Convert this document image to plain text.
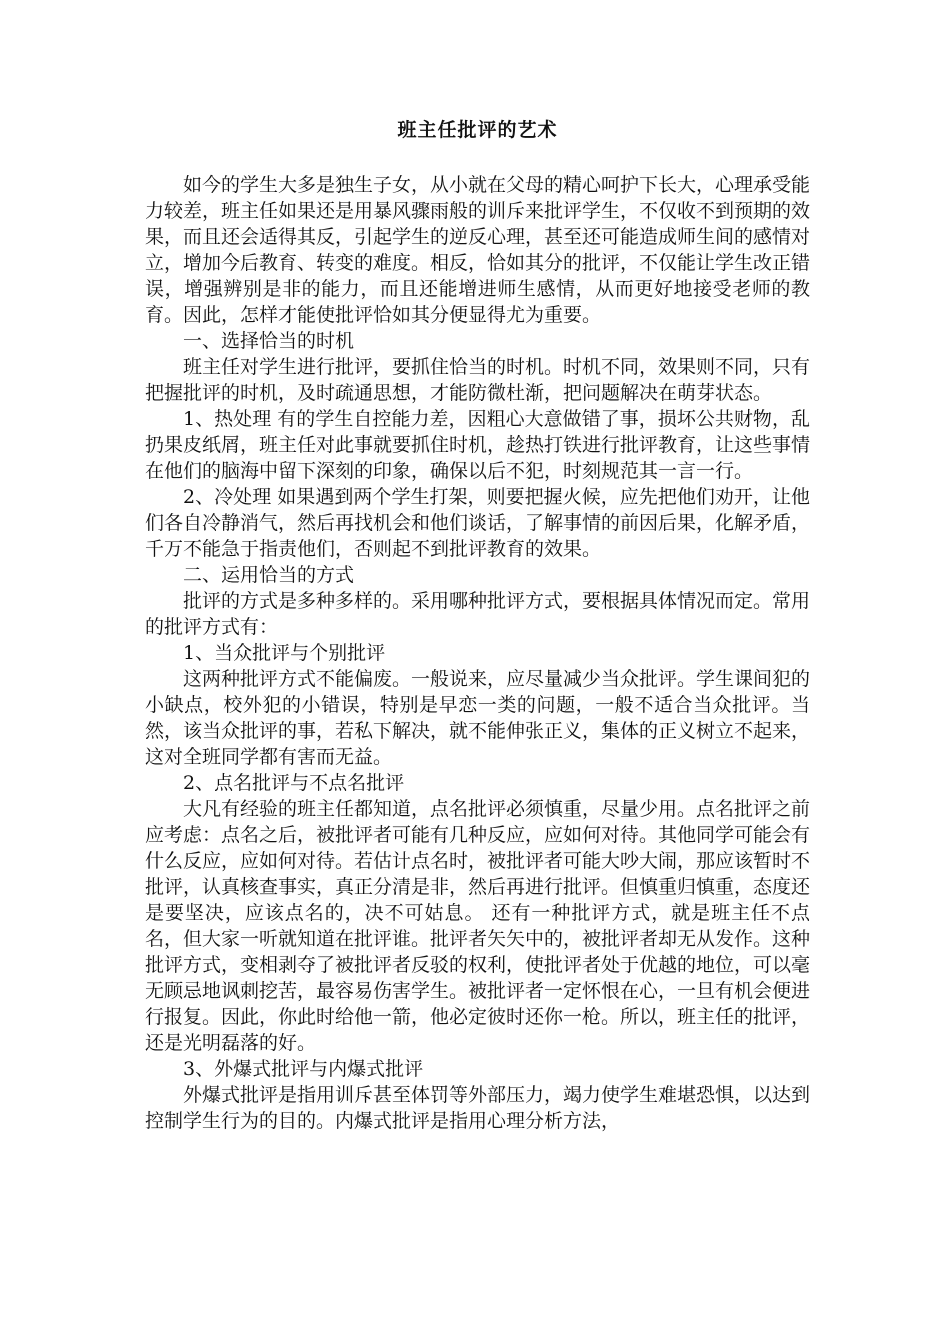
班主任批评的艺术

如今的学生大多是独生子女，从小就在父母的精心呵护下长大，心理承受能力较差，班主任如果还是用暴风骤雨般的训斥来批评学生，不仅收不到预期的效果，而且还会适得其反，引起学生的逆反心理，甚至还可能造成师生间的感情对立，增加今后教育、转变的难度。相反，恰如其分的批评，不仅能让学生改正错误，增强辨别是非的能力，而且还能增进师生感情，从而更好地接受老师的教育。因此，怎样才能使批评恰如其分便显得尤为重要。

一、选择恰当的时机

班主任对学生进行批评，要抓住恰当的时机。时机不同，效果则不同，只有把握批评的时机，及时疏通思想，才能防微杜渐，把问题解决在萌芽状态。

1、热处理 有的学生自控能力差，因粗心大意做错了事，损坏公共财物，乱扔果皮纸屑，班主任对此事就要抓住时机，趁热打铁进行批评教育，让这些事情在他们的脑海中留下深刻的印象，确保以后不犯，时刻规范其一言一行。

2、冷处理 如果遇到两个学生打架，则要把握火候，应先把他们劝开，让他们各自冷静消气，然后再找机会和他们谈话，了解事情的前因后果，化解矛盾，千万不能急于指责他们，否则起不到批评教育的效果。

二、运用恰当的方式

批评的方式是多种多样的。采用哪种批评方式，要根据具体情况而定。常用的批评方式有：

1、当众批评与个别批评

这两种批评方式不能偏废。一般说来，应尽量减少当众批评。学生课间犯的小缺点，校外犯的小错误，特别是早恋一类的问题，一般不适合当众批评。当然，该当众批评的事，若私下解决，就不能伸张正义，集体的正义树立不起来，这对全班同学都有害而无益。

2、点名批评与不点名批评

大凡有经验的班主任都知道，点名批评必须慎重，尽量少用。点名批评之前应考虑：点名之后，被批评者可能有几种反应，应如何对待。其他同学可能会有什么反应，应如何对待。若估计点名时，被批评者可能大吵大闹，那应该暂时不批评，认真核查事实，真正分清是非，然后再进行批评。但慎重归慎重，态度还是要坚决，应该点名的，决不可姑息。 还有一种批评方式，就是班主任不点名，但大家一听就知道在批评谁。批评者矢矢中的，被批评者却无从发作。这种批评方式，变相剥夺了被批评者反驳的权利，使批评者处于优越的地位，可以毫无顾忌地讽刺挖苦，最容易伤害学生。被批评者一定怀恨在心，一旦有机会便进行报复。因此，你此时给他一箭，他必定彼时还你一枪。所以，班主任的批评，还是光明磊落的好。

3、外爆式批评与内爆式批评

外爆式批评是指用训斥甚至体罚等外部压力，竭力使学生难堪恐惧，以达到控制学生行为的目的。内爆式批评是指用心理分析方法，
